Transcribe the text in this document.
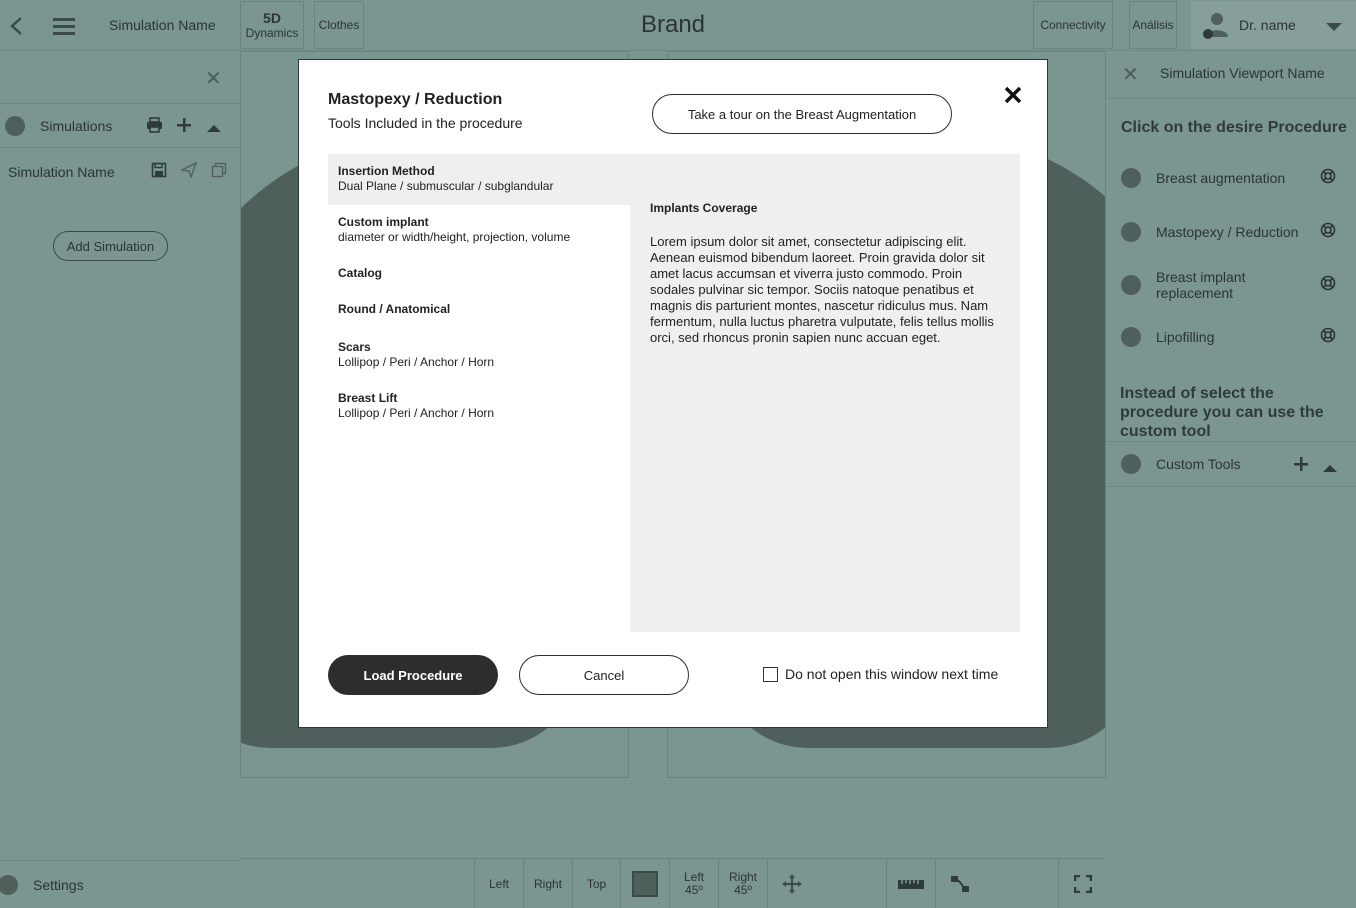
Simulation Name	5D
Dynamics
Clothes	Brand	Connectivity Análisis	Dr. name
✕
Simulations
Simulation Name
Add Simulation
Settings	Left Right Top	Left
45º
Right
45º
✕ Simulation Viewport Name
Click on the desire Procedure
Breast augmentation
Mastopexy / Reduction
Breast implant replacement
Lipofilling
Instead of select the procedure you can use the custom tool
Custom Tools
Mastopexy / Reduction
Tools Included in the procedure
Take a tour on the Breast Augmentation
Insertion Method
Dual Plane / submuscular / subglandular
Custom implant
diameter or width/height, projection, volume
Catalog
Round / Anatomical
Scars
Lollipop / Peri / Anchor / Horn
Breast Lift
Lollipop / Peri / Anchor / Horn
Implants Coverage
Lorem ipsum dolor sit amet, consectetur adipiscing elit. Aenean euismod bibendum laoreet. Proin gravida dolor sit amet lacus accumsan et viverra justo commodo. Proin sodales pulvinar sic tempor. Sociis natoque penatibus et magnis dis parturient montes, nascetur ridiculus mus. Nam fermentum, nulla luctus pharetra vulputate, felis tellus mollis orci, sed rhoncus pronin sapien nunc accuan eget.
Load Procedure	Cancel	Do not open this window next time
